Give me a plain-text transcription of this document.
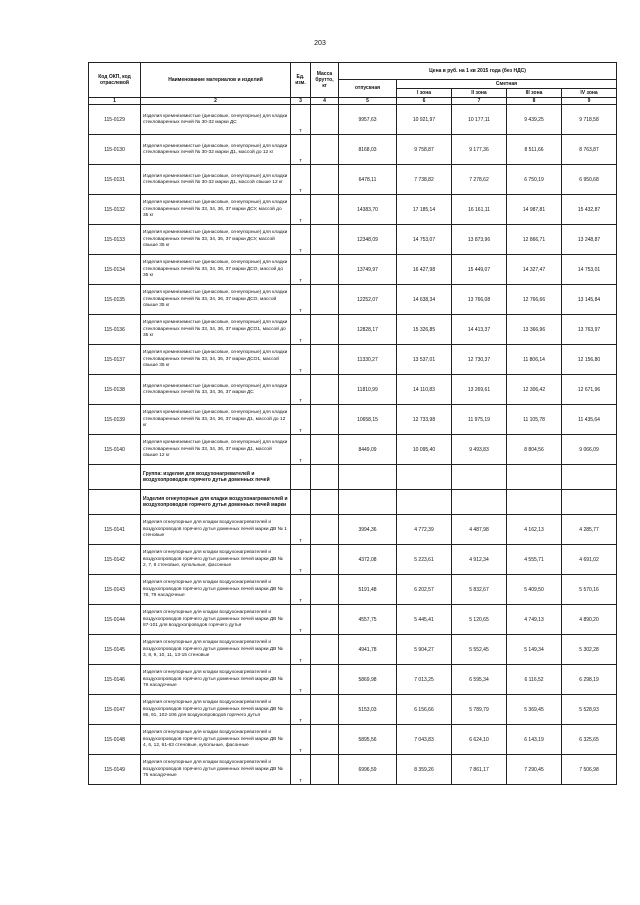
203
Код ОКП, код отраслевой	Наименование материалов и изделий	Ед. изм.	Масса брутто, кг	Цена в руб. на 1 кв 2015 года (без НДС)				
				отпускная	Сметная			
					I зона	II зона	III зона	IV зона
1	2	3	4	5	6	7	8	9
115-0129	Изделия кремнеземистые (динасовые, огнеупорные) для кладки стекловаренных печей № 30-32 марки ДС	т		9957,63	10 921,97	10 177,11	9 439,25	9 718,58
115-0130	Изделия кремнеземистые (динасовые, огнеупорные) для кладки стекловаренных печей № 30-32 марки Д1, массой до 12 кг	т		8168,03	9 758,87	9 177,36	8 511,66	8 763,87
115-0131	Изделия кремнеземистые (динасовые, огнеупорные) для кладки стекловаренных печей № 30-32 марки Д1, массой свыше 12 кг	т		6478,11	7 738,82	7 278,62	6 750,19	6 950,68
115-0132	Изделия кремнеземистые (динасовые, огнеупорные) для кладки стекловаренных печей № 33, 34, 36, 37 марки ДСУ, массой до 35 кг	т		14383,70	17 185,14	16 161,11	14 987,81	15 432,87
115-0133	Изделия кремнеземистые (динасовые, огнеупорные) для кладки стекловаренных печей № 33, 34, 36, 37 марки ДСУ, массой свыше 35 кг	т		12348,09	14 753,07	13 873,96	12 866,71	13 248,87
115-0134	Изделия кремнеземистые (динасовые, огнеупорные) для кладки стекловаренных печей № 33, 34, 36, 37 марки ДСО, массой до 35 кг	т		13749,97	16 427,98	15 449,07	14 327,47	14 753,01
115-0135	Изделия кремнеземистые (динасовые, огнеупорные) для кладки стекловаренных печей № 33, 34, 36, 37 марки ДСО, массой свыше 35 кг	т		12252,07	14 638,34	13 766,08	12 766,66	13 145,84
115-0136	Изделия кремнеземистые (динасовые, огнеупорные) для кладки стекловаренных печей № 33, 34, 36, 37 марки ДСО1, массой до 35 кг	т		12828,17	15 326,85	14 413,37	13 366,96	13 763,97
115-0137	Изделия кремнеземистые (динасовые, огнеупорные) для кладки стекловаренных печей № 33, 34, 36, 37 марки ДСО1, массой свыше 35 кг	т		11330,27	13 537,01	12 730,37	11 806,14	12 156,80
115-0138	Изделия кремнеземистые (динасовые, огнеупорные) для кладки стекловаренных печей № 33, 34, 36, 37 марки ДС	т		11810,99	14 110,83	13 269,61	12 306,42	12 671,96
115-0139	Изделия кремнеземистые (динасовые, огнеупорные) для кладки стекловаренных печей № 33, 34, 36, 37 марки Д1, массой до 12 кг	т		10658,15	12 733,98	11 975,19	11 105,78	11 435,64
115-0140	Изделия кремнеземистые (динасовые, огнеупорные) для кладки стекловаренных печей № 33, 34, 36, 37 марки Д1, массой свыше 12 кг	т		8449,09	10 095,40	9 493,83	8 804,56	9 066,09
	Группа: изделия для воздухонагревателей и воздухопроводов горячего дутья доменных печей							
	Изделия огнеупорные для кладки воздухонагревателей и воздухопроводов горячего дутья доменных печей марки							
115-0141	Изделия огнеупорные для кладки воздухонагревателей и воздухопроводов горячего дутья доменных печей марки ДВ № 1 стеновые	т		3994,36	4 772,39	4 487,98	4 162,13	4 285,77
115-0142	Изделия огнеупорные для кладки воздухонагревателей и воздухопроводов горячего дутья доменных печей марки ДВ № 2, 7, 8 стеновые, купольные, фасонные	т		4372,08	5 223,61	4 912,34	4 555,71	4 691,02
115-0143	Изделия огнеупорные для кладки воздухонагревателей и воздухопроводов горячего дутья доменных печей марки ДВ № 78, 79 насадочные	т		5191,48	6 202,57	5 832,67	5 409,50	5 570,16
115-0144	Изделия огнеупорные для кладки воздухонагревателей и воздухопроводов горячего дутья доменных печей марки ДВ № 87-101 для воздухопроводов горячего дутья	т		4557,75	5 445,41	5 120,65	4 749,13	4 890,20
115-0145	Изделия огнеупорные для кладки воздухонагревателей и воздухопроводов горячего дутья доменных печей марки ДВ № 3, 8, 9, 10, 11, 13-15 стеновые	т		4941,78	5 904,27	5 552,45	5 149,34	5 302,28
115-0146	Изделия огнеупорные для кладки воздухонагревателей и воздухопроводов горячего дутья доменных печей марки ДВ № 76 насадочные	т		5869,98	7 013,25	6 595,34	6 116,52	6 298,19
115-0147	Изделия огнеупорные для кладки воздухонагревателей и воздухопроводов горячего дутья доменных печей марки ДВ № 86, 91, 102-106 для воздухопроводов горячего дутья	т		5153,03	6 156,66	5 789,79	5 369,45	5 528,93
115-0148	Изделия огнеупорные для кладки воздухонагревателей и воздухопроводов горячего дутья доменных печей марки ДВ № 4, 6, 12, 61-63 стеновые, купольные, фасонные	т		5895,56	7 043,83	6 624,10	6 143,19	6 325,65
115-0149	Изделия огнеупорные для кладки воздухонагревателей и воздухопроводов горячего дутья доменных печей марки ДВ № 75 насадочные	т		6996,59	8 359,26	7 861,17	7 290,45	7 506,98
